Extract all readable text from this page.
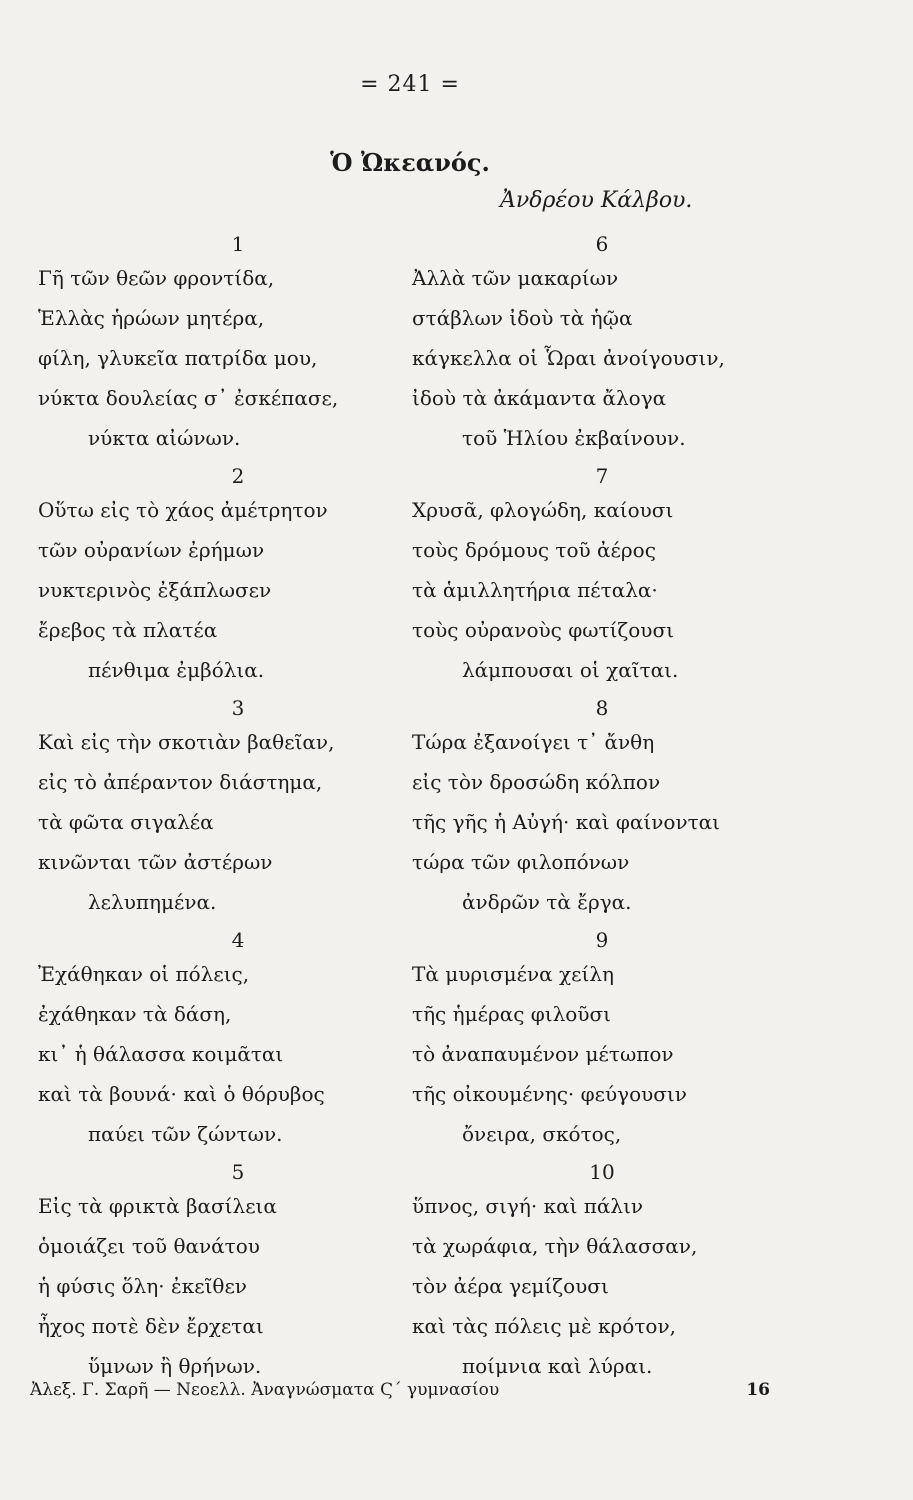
= 241 =
Ὁ Ὠκεανός.
Ἀνδρέου Κάλβου.
1
Γῆ τῶν θεῶν φροντίδα,
Ἑλλὰς ἡρώων μητέρα,
φίλη, γλυκεῖα πατρίδα μου,
νύκτα δουλείας σ᾽ ἐσκέπασε,
νύκτα αἰώνων.
2
Οὕτω εἰς τὸ χάος ἀμέτρητον
τῶν οὐρανίων ἐρήμων
νυκτερινὸς ἐξάπλωσεν
ἔρεβος τὰ πλατέα
πένθιμα ἐμβόλια.
3
Καὶ εἰς τὴν σκοτιὰν βαθεῖαν,
εἰς τὸ ἀπέραντον διάστημα,
τὰ φῶτα σιγαλέα
κινῶνται τῶν ἀστέρων
λελυπημένα.
4
Ἐχάθηκαν οἱ πόλεις,
ἐχάθηκαν τὰ δάση,
κι᾽ ἡ θάλασσα κοιμᾶται
καὶ τὰ βουνά· καὶ ὁ θόρυβος
παύει τῶν ζώντων.
5
Εἰς τὰ φρικτὰ βασίλεια
ὁμοιάζει τοῦ θανάτου
ἡ φύσις ὅλη· ἐκεῖθεν
ἦχος ποτὲ δὲν ἔρχεται
ὕμνων ἢ θρήνων.
6
Ἀλλὰ τῶν μακαρίων
στάβλων ἰδοὺ τὰ ἡῷα
κάγκελλα οἱ Ὧραι ἀνοίγουσιν,
ἰδοὺ τὰ ἀκάμαντα ἄλογα
τοῦ Ἡλίου ἐκβαίνουν.
7
Χρυσᾶ, φλογώδη, καίουσι
τοὺς δρόμους τοῦ ἀέρος
τὰ ἁμιλλητήρια πέταλα·
τοὺς οὐρανοὺς φωτίζουσι
λάμπουσαι οἱ χαῖται.
8
Τώρα ἐξανοίγει τ᾽ ἄνθη
εἰς τὸν δροσώδη κόλπον
τῆς γῆς ἡ Αὐγή· καὶ φαίνονται
τώρα τῶν φιλοπόνων
ἀνδρῶν τὰ ἔργα.
9
Τὰ μυρισμένα χείλη
τῆς ἡμέρας φιλοῦσι
τὸ ἀναπαυμένον μέτωπον
τῆς οἰκουμένης· φεύγουσιν
ὄνειρα, σκότος,
10
ὕπνος, σιγή· καὶ πάλιν
τὰ χωράφια, τὴν θάλασσαν,
τὸν ἀέρα γεμίζουσι
καὶ τὰς πόλεις μὲ κρότον,
ποίμνια καὶ λύραι.
Ἀλεξ. Γ. Σαρῆ — Νεοελλ. Ἀναγνώσματα Ϛ΄ γυμνασίου	16
